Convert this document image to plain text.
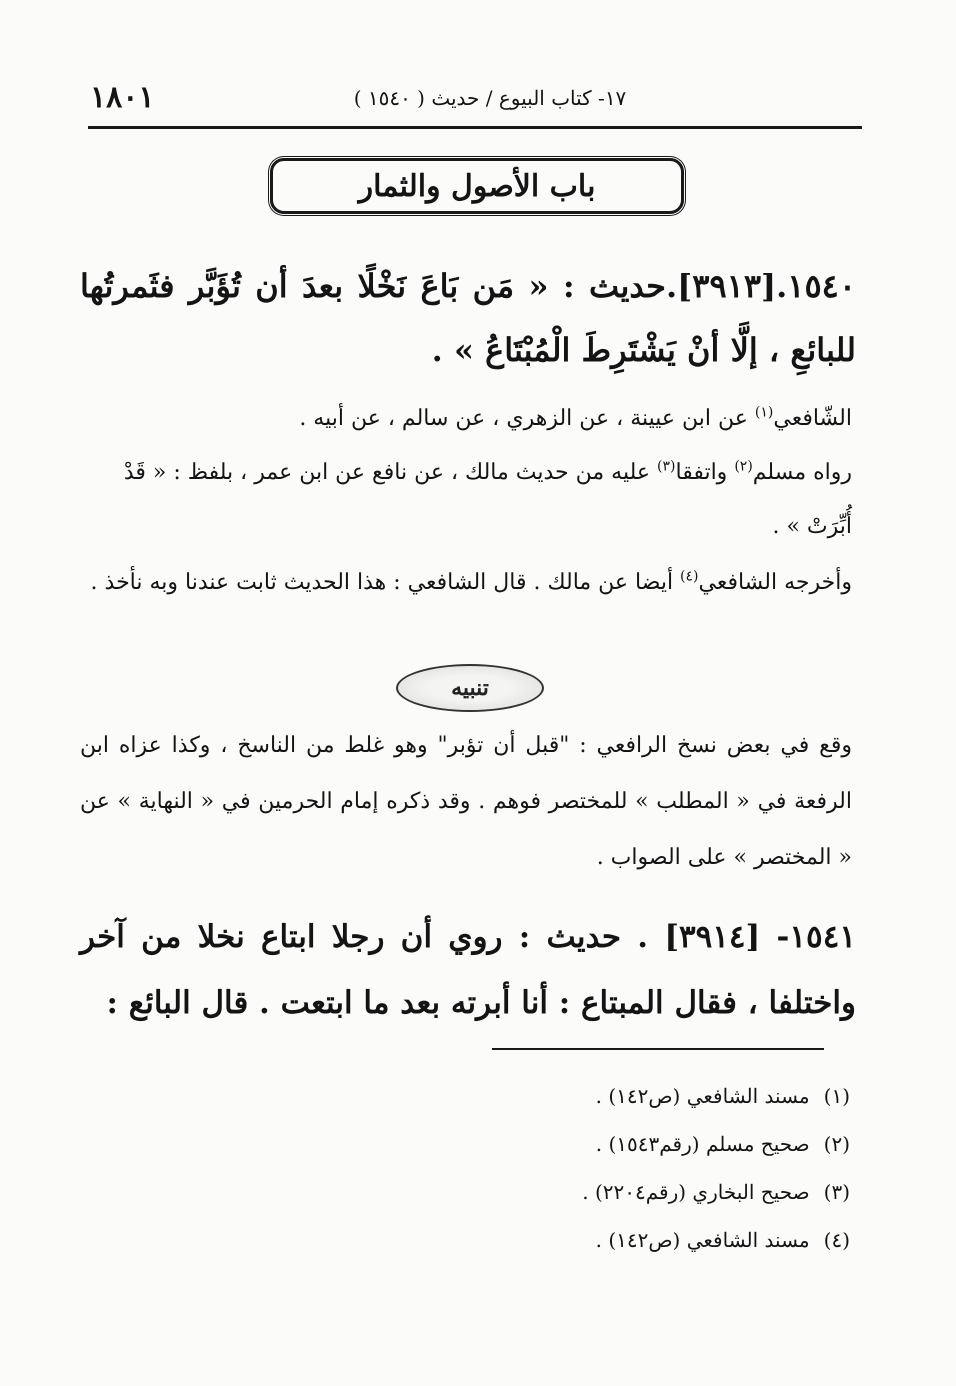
١٨٠١	١٧- كتاب البيوع / حديث ( ١٥٤٠ )
باب الأصول والثمار
١٥٤٠.[٣٩١٣].حديث : « مَن بَاعَ نَخْلًا بعدَ أن تُؤَبَّر فثَمرتُها للبائعِ ، إلَّا أنْ يَشْتَرِطَ الْمُبْتَاعُ » .
الشّافعي$^{(١)}$ عن ابن عيينة ، عن الزهري ، عن سالم ، عن أبيه .
رواه مسلم$^{(٢)}$ واتفقا$^{(٣)}$ عليه من حديث مالك ، عن نافع عن ابن عمر ، بلفظ : « قَدْ أُبِّرَتْ » .
وأخرجه الشافعي$^{(٤)}$ أيضا عن مالك . قال الشافعي : هذا الحديث ثابت عندنا وبه نأخذ .
تنبيه
وقع في بعض نسخ الرافعي : "قبل أن تؤبر" وهو غلط من الناسخ ، وكذا عزاه ابن الرفعة في « المطلب » للمختصر فوهم . وقد ذكره إمام الحرمين في « النهاية » عن « المختصر » على الصواب .
١٥٤١- [٣٩١٤] . حديث : روي أن رجلا ابتاع نخلا من آخر واختلفا ، فقال المبتاع : أنا أبرته بعد ما ابتعت . قال البائع :
(١)مسند الشافعي (ص١٤٢) .
(٢)صحيح مسلم (رقم١٥٤٣) .
(٣)صحيح البخاري (رقم٢٢٠٤) .
(٤)مسند الشافعي (ص١٤٢) .
